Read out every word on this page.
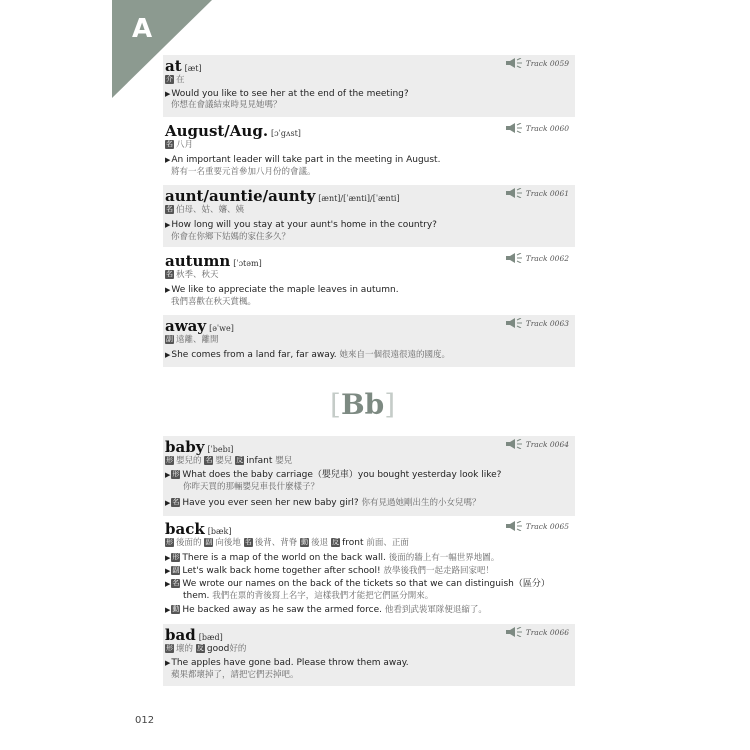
A
at [æt]
Track 0059
介 在
▶Would you like to see her at the end of the meeting?
你想在會議結束時見見她嗎？
August/Aug. [ɔˈgʌst]
Track 0060
名 八月
▶An important leader will take part in the meeting in August.
將有一名重要元首參加八月份的會議。
aunt/auntie/aunty [ænt]/[ˈænti]/[ˈænti]
Track 0061
名 伯母、姑、嬸、姨
▶How long will you stay at your aunt's home in the country?
你會在你鄉下姑媽的家住多久？
autumn [ˈɔtəm]
Track 0062
名 秋季、秋天
▶We like to appreciate the maple leaves in autumn.
我們喜歡在秋天賞楓。
away [əˈwe]
Track 0063
副 遠離、離開
▶She comes from a land far, far away. 她來自一個很遠很遠的國度。
[Bb]
baby [ˈbebɪ]
Track 0064
形 嬰兒的 名 嬰兒 反 infant 嬰兒
▶ 形 What does the baby carriage（嬰兒車）you bought yesterday look like?
你昨天買的那輛嬰兒車長什麼樣子？
▶ 名 Have you ever seen her new baby girl? 你有見過她剛出生的小女兒嗎？
back [bæk]
Track 0065
形 後面的 副 向後地 名 後背、背脊 動 後退 反 front 前面、正面
▶ 形 There is a map of the world on the back wall. 後面的牆上有一幅世界地圖。
▶ 副 Let's walk back home together after school! 放學後我們一起走路回家吧！
▶ 名 We wrote our names on the back of the tickets so that we can distinguish（區分）
them. 我們在票的背後寫上名字，這樣我們才能把它們區分開來。
▶ 動 He backed away as he saw the armed force. 他看到武裝軍隊便退縮了。
bad [bæd]
Track 0066
形 壞的 反 good好的
▶The apples have gone bad. Please throw them away.
蘋果都壞掉了，請把它們丟掉吧。
012
